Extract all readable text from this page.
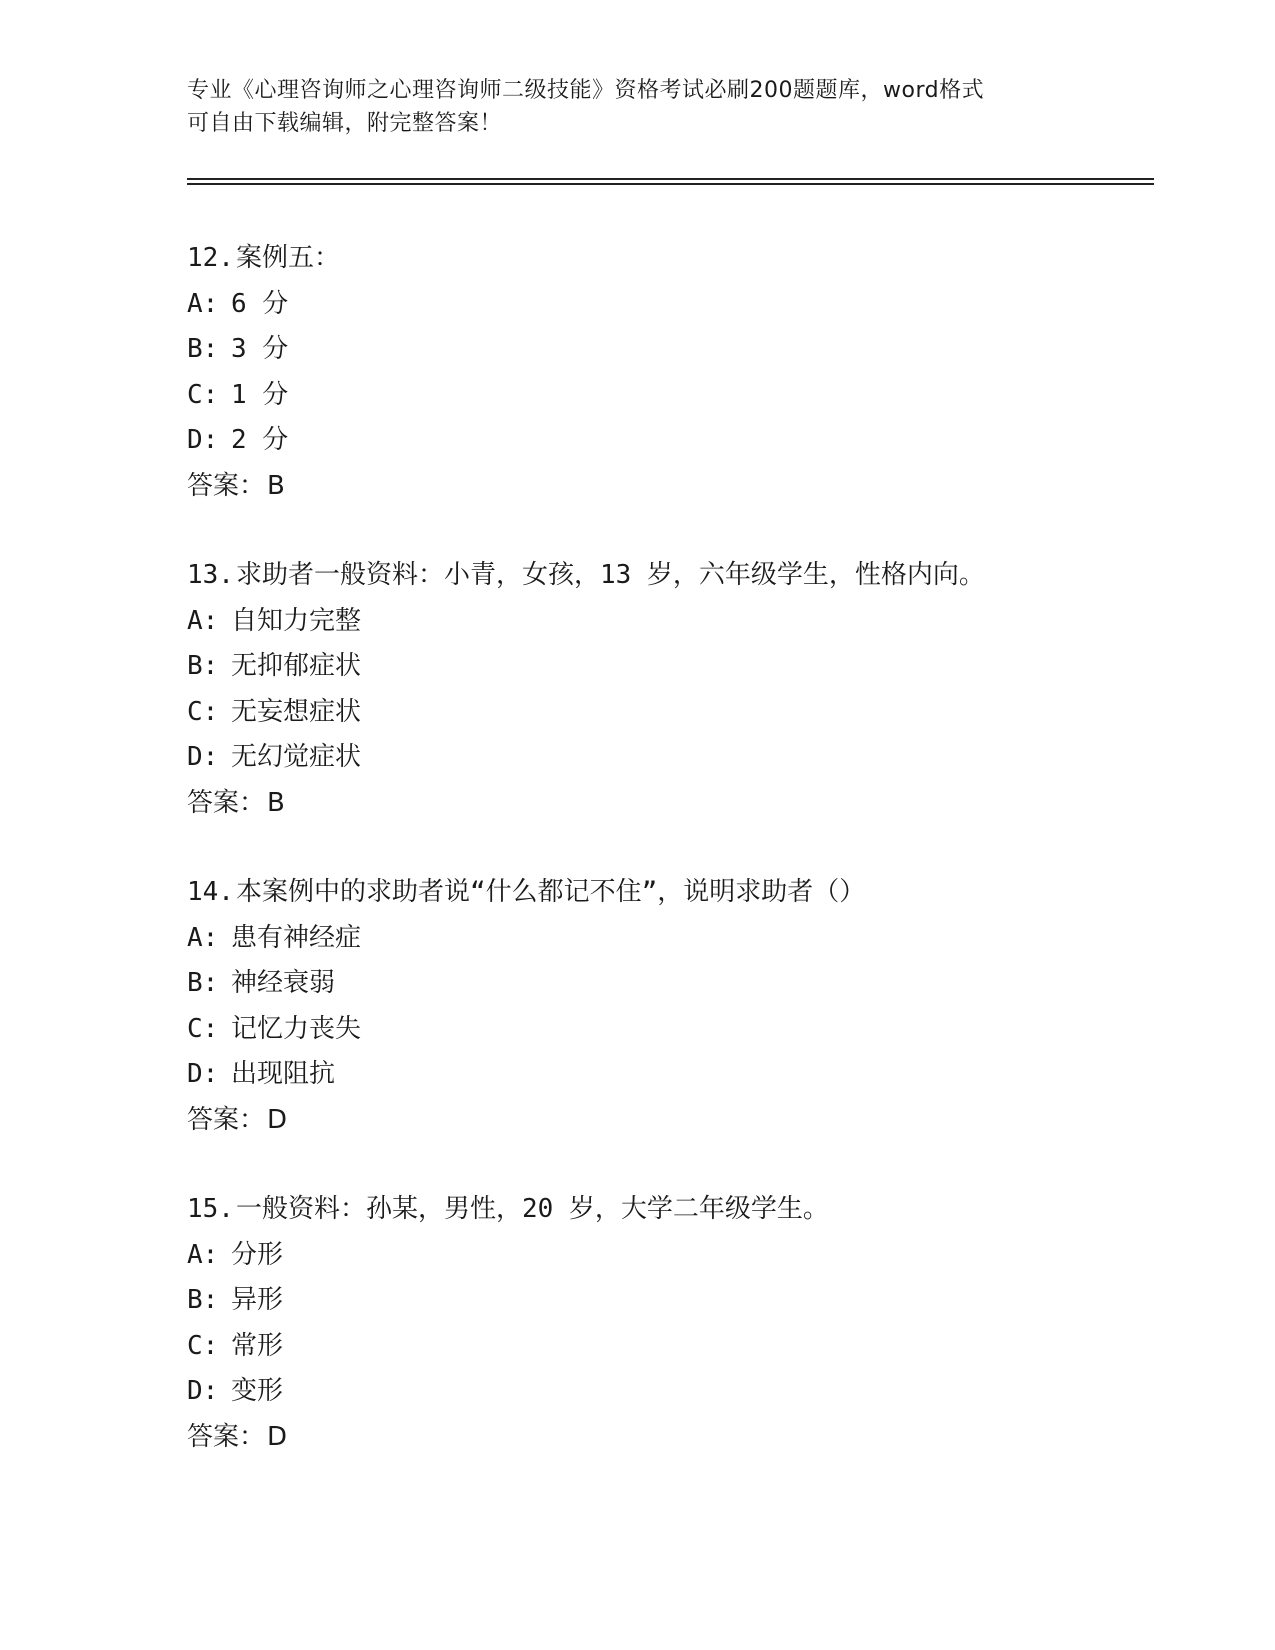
专业《心理咨询师之心理咨询师二级技能》资格考试必刷200题题库，word格式
可自由下载编辑，附完整答案！
12. 案例五：
A: 6 分
B: 3 分
C: 1 分
D: 2 分
答案： B
13. 求助者一般资料：小青，女孩，13 岁，六年级学生，性格内向。
A: 自知力完整
B: 无抑郁症状
C: 无妄想症状
D: 无幻觉症状
答案： B
14. 本案例中的求助者说“什么都记不住”，说明求助者（）
A: 患有神经症
B: 神经衰弱
C: 记忆力丧失
D: 出现阻抗
答案： D
15. 一般资料：孙某，男性，20 岁，大学二年级学生。
A: 分形
B: 异形
C: 常形
D: 变形
答案： D
